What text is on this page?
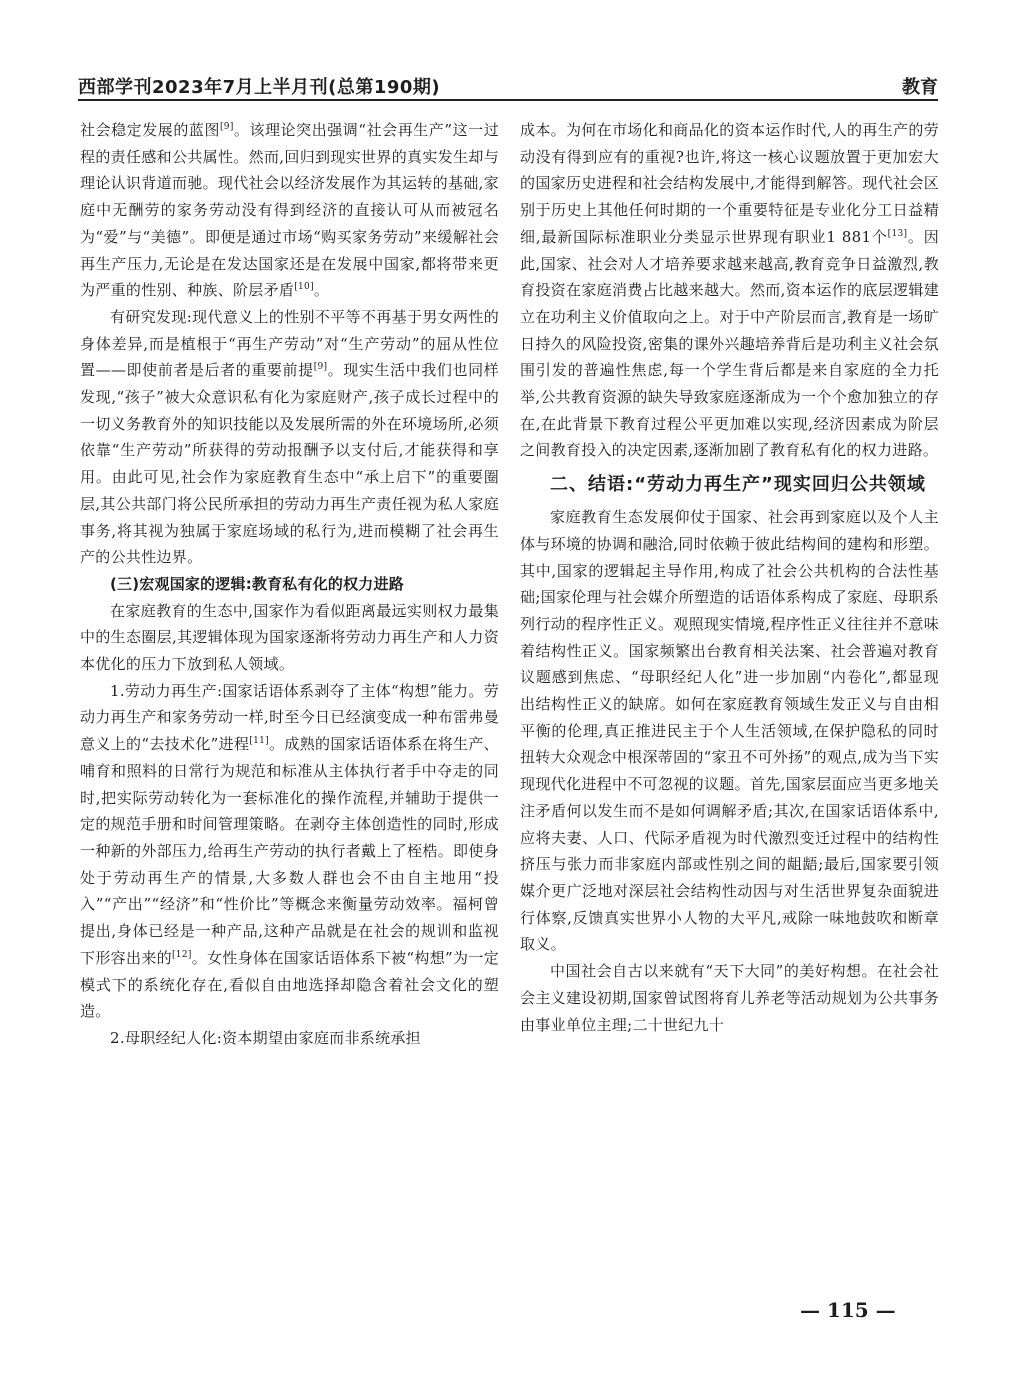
西部学刊2023年7月上半月刊(总第190期)	教育

社会稳定发展的蓝图[9]。该理论突出强调“社会再生产”这一过程的责任感和公共属性。然而,回归到现实世界的真实发生却与理论认识背道而驰。现代社会以经济发展作为其运转的基础,家庭中无酬劳的家务劳动没有得到经济的直接认可从而被冠名为“爱”与“美德”。即便是通过市场“购买家务劳动”来缓解社会再生产压力,无论是在发达国家还是在发展中国家,都将带来更为严重的性别、种族、阶层矛盾[10]。

有研究发现:现代意义上的性别不平等不再基于男女两性的身体差异,而是植根于“再生产劳动”对“生产劳动”的屈从性位置——即使前者是后者的重要前提[9]。现实生活中我们也同样发现,“孩子”被大众意识私有化为家庭财产,孩子成长过程中的一切义务教育外的知识技能以及发展所需的外在环境场所,必须依靠“生产劳动”所获得的劳动报酬予以支付后,才能获得和享用。由此可见,社会作为家庭教育生态中“承上启下”的重要圈层,其公共部门将公民所承担的劳动力再生产责任视为私人家庭事务,将其视为独属于家庭场域的私行为,进而模糊了社会再生产的公共性边界。

(三)宏观国家的逻辑:教育私有化的权力进路

在家庭教育的生态中,国家作为看似距离最远实则权力最集中的生态圈层,其逻辑体现为国家逐渐将劳动力再生产和人力资本优化的压力下放到私人领域。

1.劳动力再生产:国家话语体系剥夺了主体“构想”能力。劳动力再生产和家务劳动一样,时至今日已经演变成一种布雷弗曼意义上的“去技术化”进程[11]。成熟的国家话语体系在将生产、哺育和照料的日常行为规范和标准从主体执行者手中夺走的同时,把实际劳动转化为一套标准化的操作流程,并辅助于提供一定的规范手册和时间管理策略。在剥夺主体创造性的同时,形成一种新的外部压力,给再生产劳动的执行者戴上了桎梏。即使身处于劳动再生产的情景,大多数人群也会不由自主地用“投入”“产出”“经济”和“性价比”等概念来衡量劳动效率。福柯曾提出,身体已经是一种产品,这种产品就是在社会的规训和监视下形容出来的[12]。女性身体在国家话语体系下被“构想”为一定模式下的系统化存在,看似自由地选择却隐含着社会文化的塑造。

2.母职经纪人化:资本期望由家庭而非系统承担

成本。为何在市场化和商品化的资本运作时代,人的再生产的劳动没有得到应有的重视?也许,将这一核心议题放置于更加宏大的国家历史进程和社会结构发展中,才能得到解答。现代社会区别于历史上其他任何时期的一个重要特征是专业化分工日益精细,最新国际标准职业分类显示世界现有职业1 881个[13]。因此,国家、社会对人才培养要求越来越高,教育竞争日益激烈,教育投资在家庭消费占比越来越大。然而,资本运作的底层逻辑建立在功利主义价值取向之上。对于中产阶层而言,教育是一场旷日持久的风险投资,密集的课外兴趣培养背后是功利主义社会氛围引发的普遍性焦虑,每一个学生背后都是来自家庭的全力托举,公共教育资源的缺失导致家庭逐渐成为一个个愈加独立的存在,在此背景下教育过程公平更加难以实现,经济因素成为阶层之间教育投入的决定因素,逐渐加剧了教育私有化的权力进路。

二、结语:“劳动力再生产”现实回归公共领域

家庭教育生态发展仰仗于国家、社会再到家庭以及个人主体与环境的协调和融洽,同时依赖于彼此结构间的建构和形塑。其中,国家的逻辑起主导作用,构成了社会公共机构的合法性基础;国家伦理与社会媒介所塑造的话语体系构成了家庭、母职系列行动的程序性正义。观照现实情境,程序性正义往往并不意味着结构性正义。国家频繁出台教育相关法案、社会普遍对教育议题感到焦虑、“母职经纪人化”进一步加剧“内卷化”,都显现出结构性正义的缺席。如何在家庭教育领域生发正义与自由相平衡的伦理,真正推进民主于个人生活领域,在保护隐私的同时扭转大众观念中根深蒂固的“家丑不可外扬”的观点,成为当下实现现代化进程中不可忽视的议题。首先,国家层面应当更多地关注矛盾何以发生而不是如何调解矛盾;其次,在国家话语体系中,应将夫妻、人口、代际矛盾视为时代激烈变迁过程中的结构性挤压与张力而非家庭内部或性别之间的龃龉;最后,国家要引领媒介更广泛地对深层社会结构性动因与对生活世界复杂面貌进行体察,反馈真实世界小人物的大平凡,戒除一味地鼓吹和断章取义。

中国社会自古以来就有“天下大同”的美好构想。在社会社会主义建设初期,国家曾试图将育儿养老等活动规划为公共事务由事业单位主理;二十世纪九十

— 115 —
